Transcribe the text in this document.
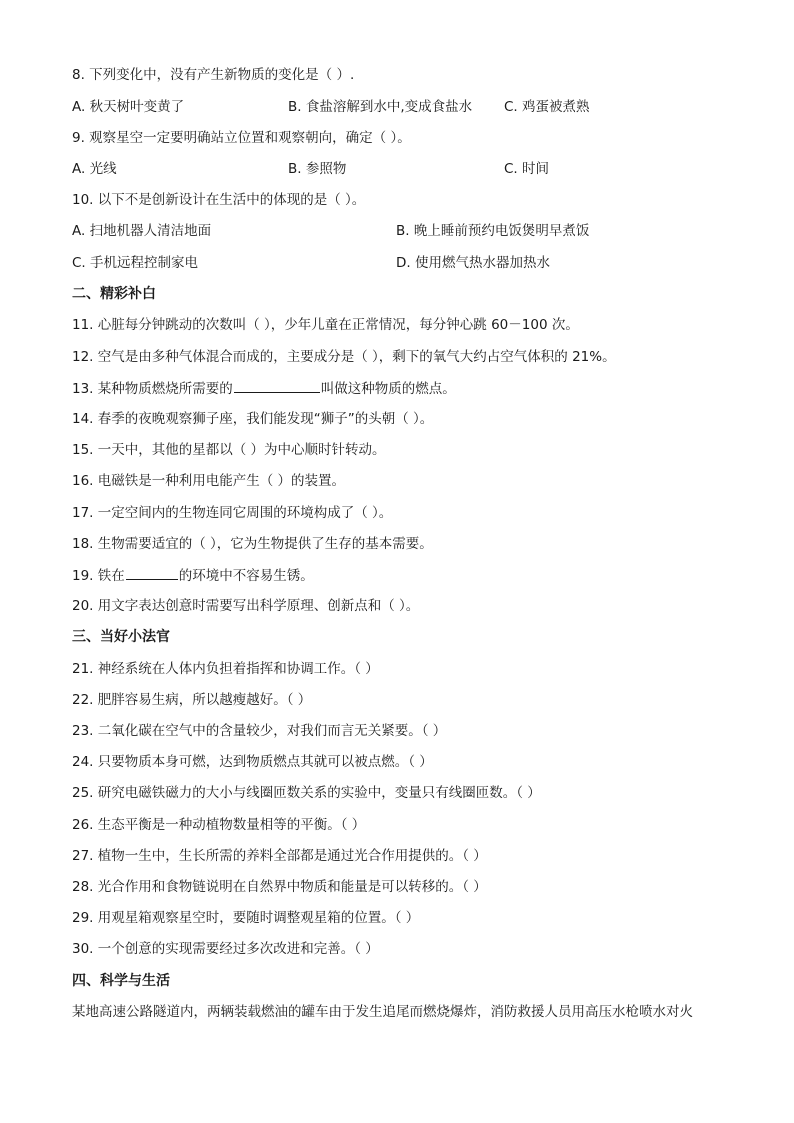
8. 下列变化中，没有产生新物质的变化是（ ）.
A. 秋天树叶变黄了	B. 食盐溶解到水中,变成食盐水 C. 鸡蛋被煮熟
9. 观察星空一定要明确站立位置和观察朝向，确定（ ）。
A. 光线	B. 参照物	C. 时间
10. 以下不是创新设计在生活中的体现的是（ ）。
A. 扫地机器人清洁地面	B. 晚上睡前预约电饭煲明早煮饭
C. 手机远程控制家电	D. 使用燃气热水器加热水
二、精彩补白
11. 心脏每分钟跳动的次数叫（ ），少年儿童在正常情况，每分钟心跳 60－100 次。
12. 空气是由多种气体混合而成的，主要成分是（ ），剩下的氧气大约占空气体积的 21%。
13. 某种物质燃烧所需要的	叫做这种物质的燃点。
14. 春季的夜晚观察狮子座，我们能发现“狮子”的头朝（ ）。
15. 一天中，其他的星都以（ ）为中心顺时针转动。
16. 电磁铁是一种利用电能产生（ ）的装置。
17. 一定空间内的生物连同它周围的环境构成了（ ）。
18. 生物需要适宜的（ ），它为生物提供了生存的基本需要。
19. 铁在	的环境中不容易生锈。
20. 用文字表达创意时需要写出科学原理、创新点和（ ）。
三、当好小法官
21. 神经系统在人体内负担着指挥和协调工作。（ ）
22. 肥胖容易生病，所以越瘦越好。（ ）
23. 二氧化碳在空气中的含量较少，对我们而言无关紧要。（ ）
24. 只要物质本身可燃，达到物质燃点其就可以被点燃。（ ）
25. 研究电磁铁磁力的大小与线圈匝数关系的实验中，变量只有线圈匝数。（ ）
26. 生态平衡是一种动植物数量相等的平衡。（ ）
27. 植物一生中，生长所需的养料全部都是通过光合作用提供的。（ ）
28. 光合作用和食物链说明在自然界中物质和能量是可以转移的。（ ）
29. 用观星箱观察星空时，要随时调整观星箱的位置。（ ）
30. 一个创意的实现需要经过多次改进和完善。（ ）
四、科学与生活
某地高速公路隧道内，两辆装载燃油的罐车由于发生追尾而燃烧爆炸，消防救援人员用高压水枪喷水对火
